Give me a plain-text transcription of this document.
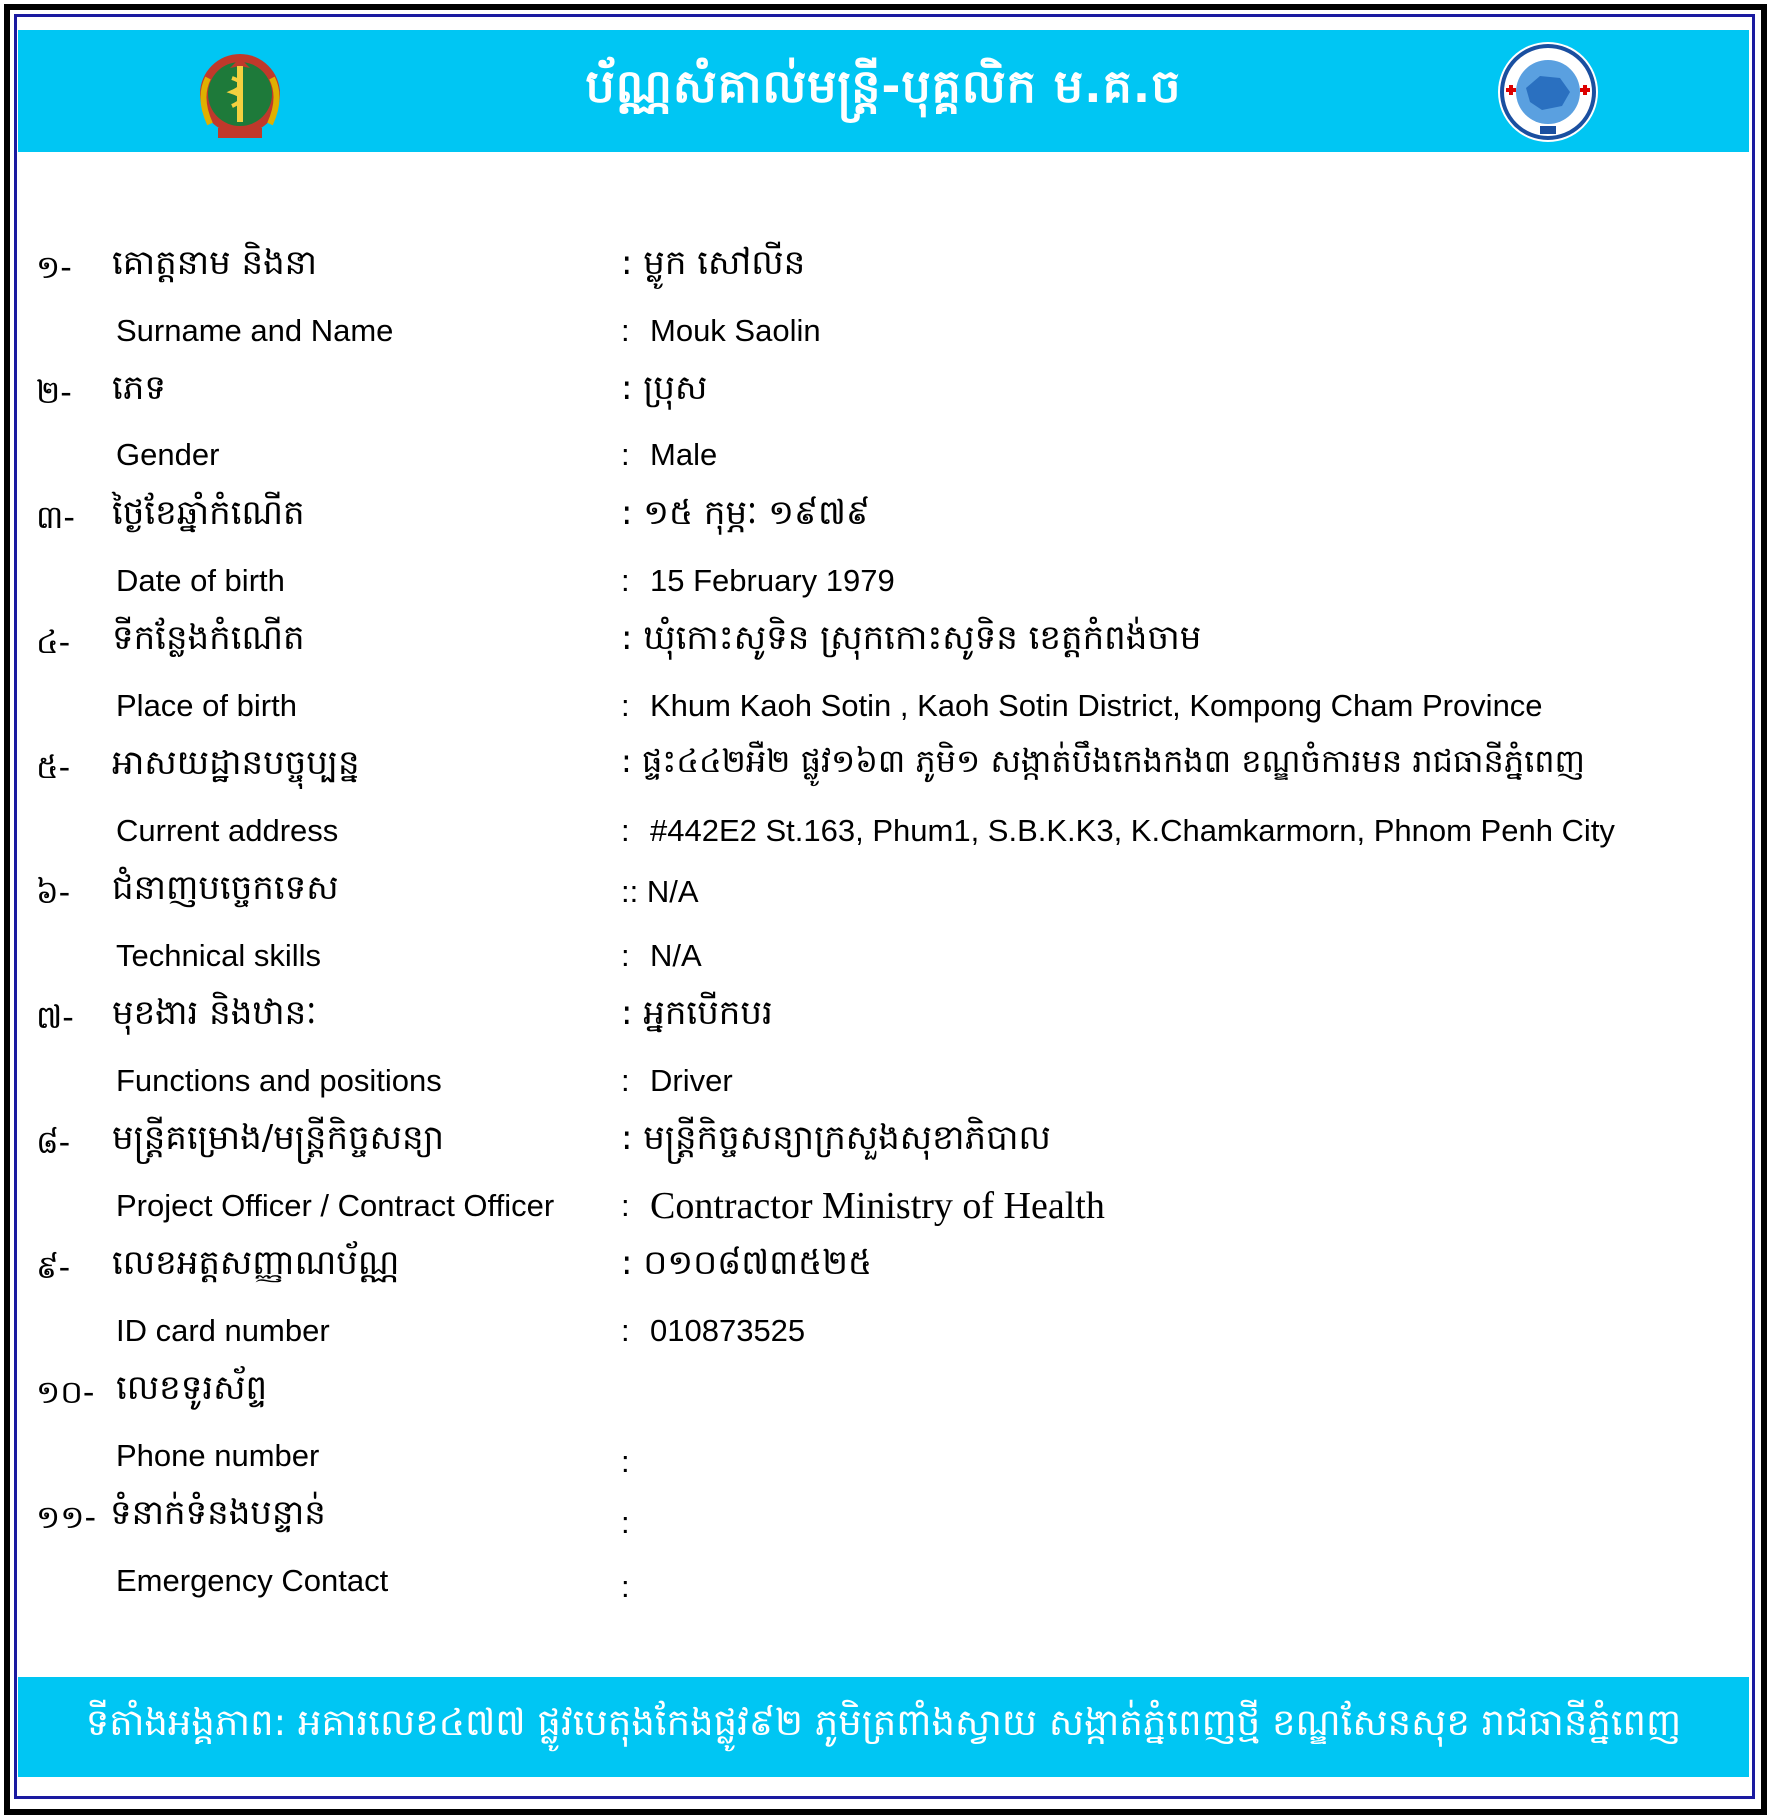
ប័ណ្ណសំគាល់មន្ត្រី-បុគ្គលិក ម.គ.ច
១- គោត្តនាម និងនា	: ម្លូក សៅលីន
Surname and Name	: Mouk Saolin
២- ភេទ	: ប្រុស
Gender	: Male
៣- ថ្ងៃខែឆ្នាំកំណើត	: ១៥ កុម្ភៈ ១៩៧៩
Date of birth	: 15 February 1979
៤- ទីកន្លែងកំណើត	: ឃុំកោះសូទិន ស្រុកកោះសូទិន ខេត្តកំពង់ចាម
Place of birth	: Khum Kaoh Sotin , Kaoh Sotin District, Kompong Cham Province
៥- អាសយដ្ឋានបច្ចុប្បន្ន	: ផ្ទះ៤៤២អឺ២ ផ្លូវ១៦៣ ភូមិ១ សង្កាត់បឹងកេងកង៣ ខណ្ឌចំការមន រាជធានីភ្នំពេញ
Current address	: #442E2 St.163, Phum1, S.B.K.K3, K.Chamkarmorn, Phnom Penh City
៦- ជំនាញបច្ចេកទេស	:: N/A
Technical skills	: N/A
៧- មុខងារ និងឋានៈ	: អ្នកបើកបរ
Functions and positions	: Driver
៨- មន្ត្រីគម្រោង/មន្ត្រីកិច្ចសន្យា	: មន្ត្រីកិច្ចសន្យាក្រសួងសុខាភិបាល
Project Officer / Contract Officer : Contractor Ministry of Health
៩- លេខអត្តសញ្ញាណប័ណ្ណ	: ០១០៨៧៣៥២៥
ID card number	: 010873525
១០- លេខទូរស័ព្ទ
Phone number	:
១១- ទំនាក់ទំនងបន្ទាន់	:
Emergency Contact	:
ទីតាំងអង្គភាព: អគារលេខ៤៧៧ ផ្លូវបេតុងកែងផ្លូវ៩២ ភូមិត្រពាំងស្វាយ សង្កាត់ភ្នំពេញថ្មី ខណ្ឌសែនសុខ រាជធានីភ្នំពេញ
